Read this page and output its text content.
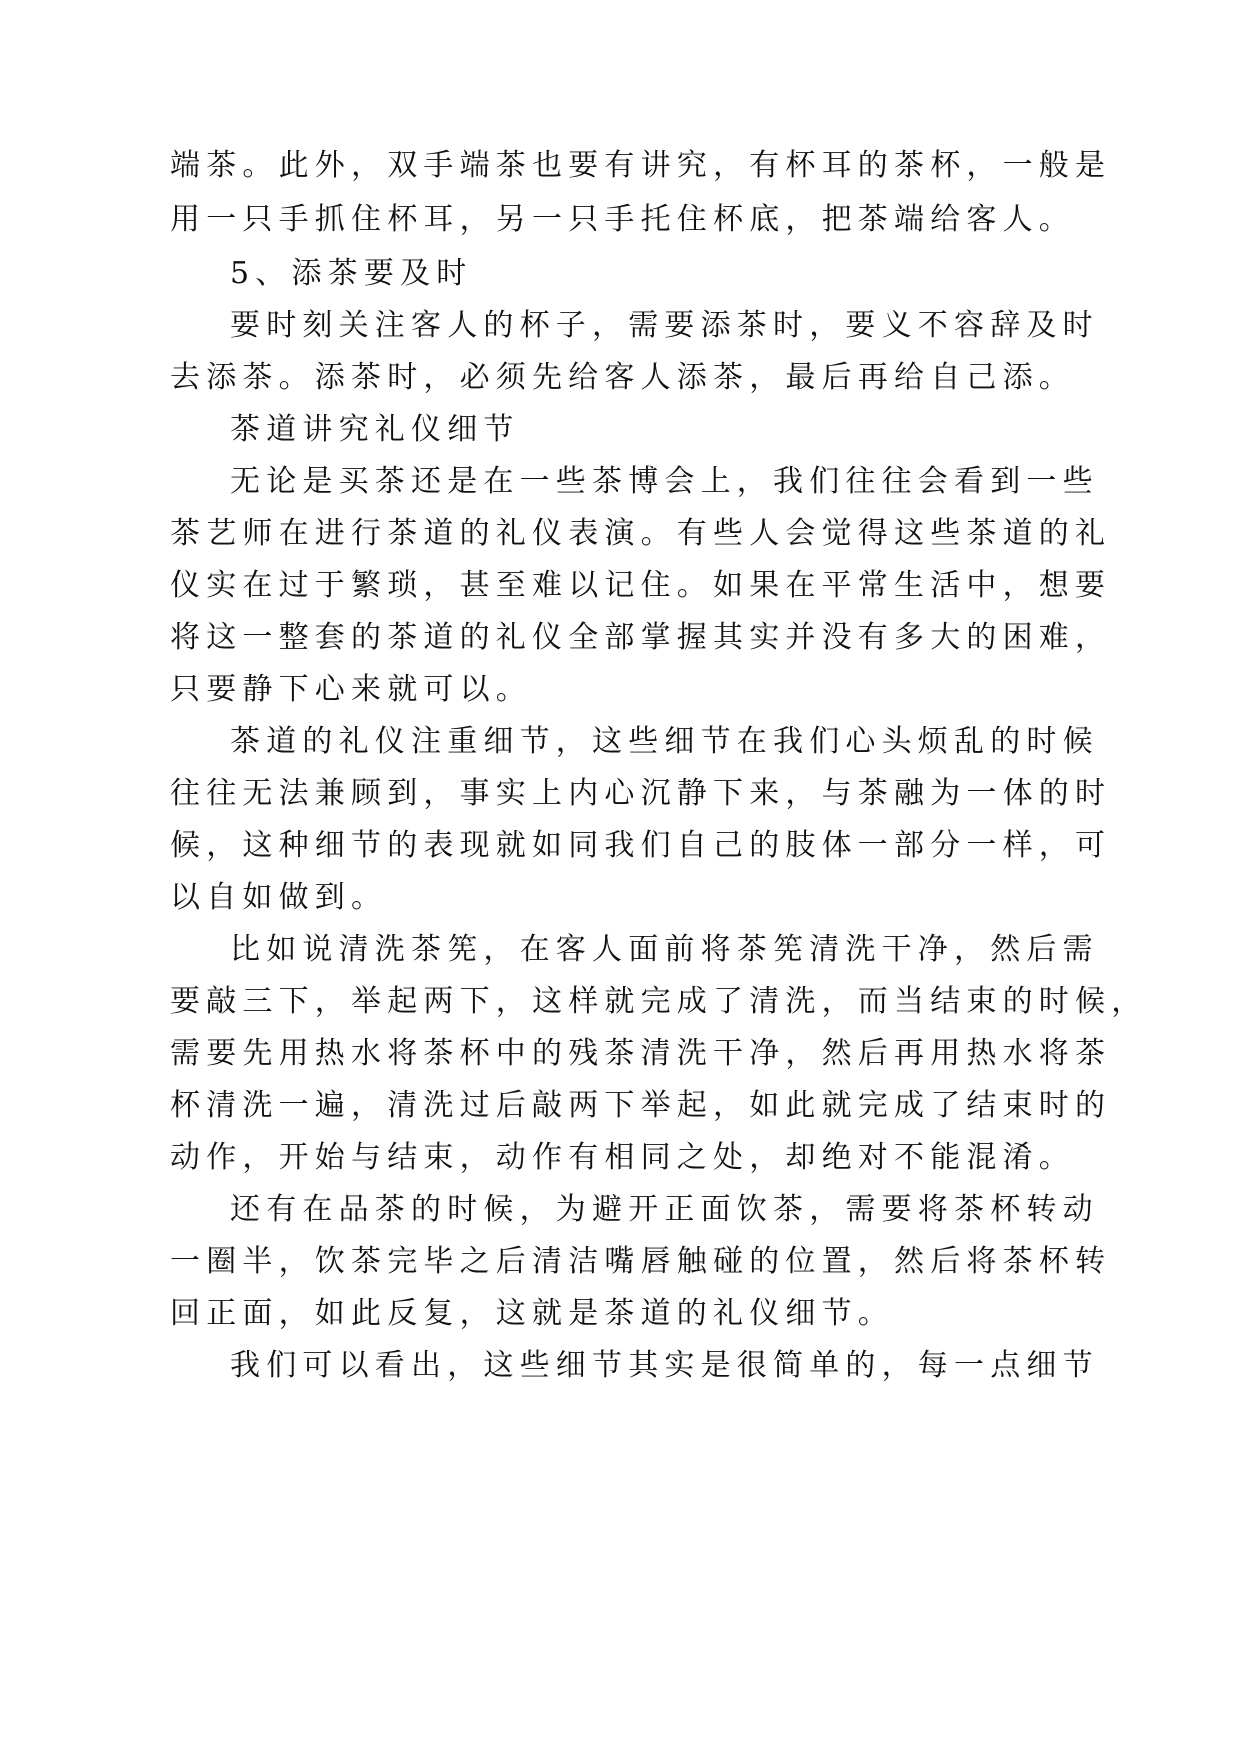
端茶。此外，双手端茶也要有讲究，有杯耳的茶杯，一般是

用一只手抓住杯耳，另一只手托住杯底，把茶端给客人。

5、添茶要及时

要时刻关注客人的杯子，需要添茶时，要义不容辞及时

去添茶。添茶时，必须先给客人添茶，最后再给自己添。

茶道讲究礼仪细节

无论是买茶还是在一些茶博会上，我们往往会看到一些

茶艺师在进行茶道的礼仪表演。有些人会觉得这些茶道的礼

仪实在过于繁琐，甚至难以记住。如果在平常生活中，想要

将这一整套的茶道的礼仪全部掌握其实并没有多大的困难，

只要静下心来就可以。

茶道的礼仪注重细节，这些细节在我们心头烦乱的时候

往往无法兼顾到，事实上内心沉静下来，与茶融为一体的时

候，这种细节的表现就如同我们自己的肢体一部分一样，可

以自如做到。

比如说清洗茶筅，在客人面前将茶筅清洗干净，然后需

要敲三下，举起两下，这样就完成了清洗，而当结束的时候，

需要先用热水将茶杯中的残茶清洗干净，然后再用热水将茶

杯清洗一遍，清洗过后敲两下举起，如此就完成了结束时的

动作，开始与结束，动作有相同之处，却绝对不能混淆。

还有在品茶的时候，为避开正面饮茶，需要将茶杯转动

一圈半，饮茶完毕之后清洁嘴唇触碰的位置，然后将茶杯转

回正面，如此反复，这就是茶道的礼仪细节。

我们可以看出，这些细节其实是很简单的，每一点细节
